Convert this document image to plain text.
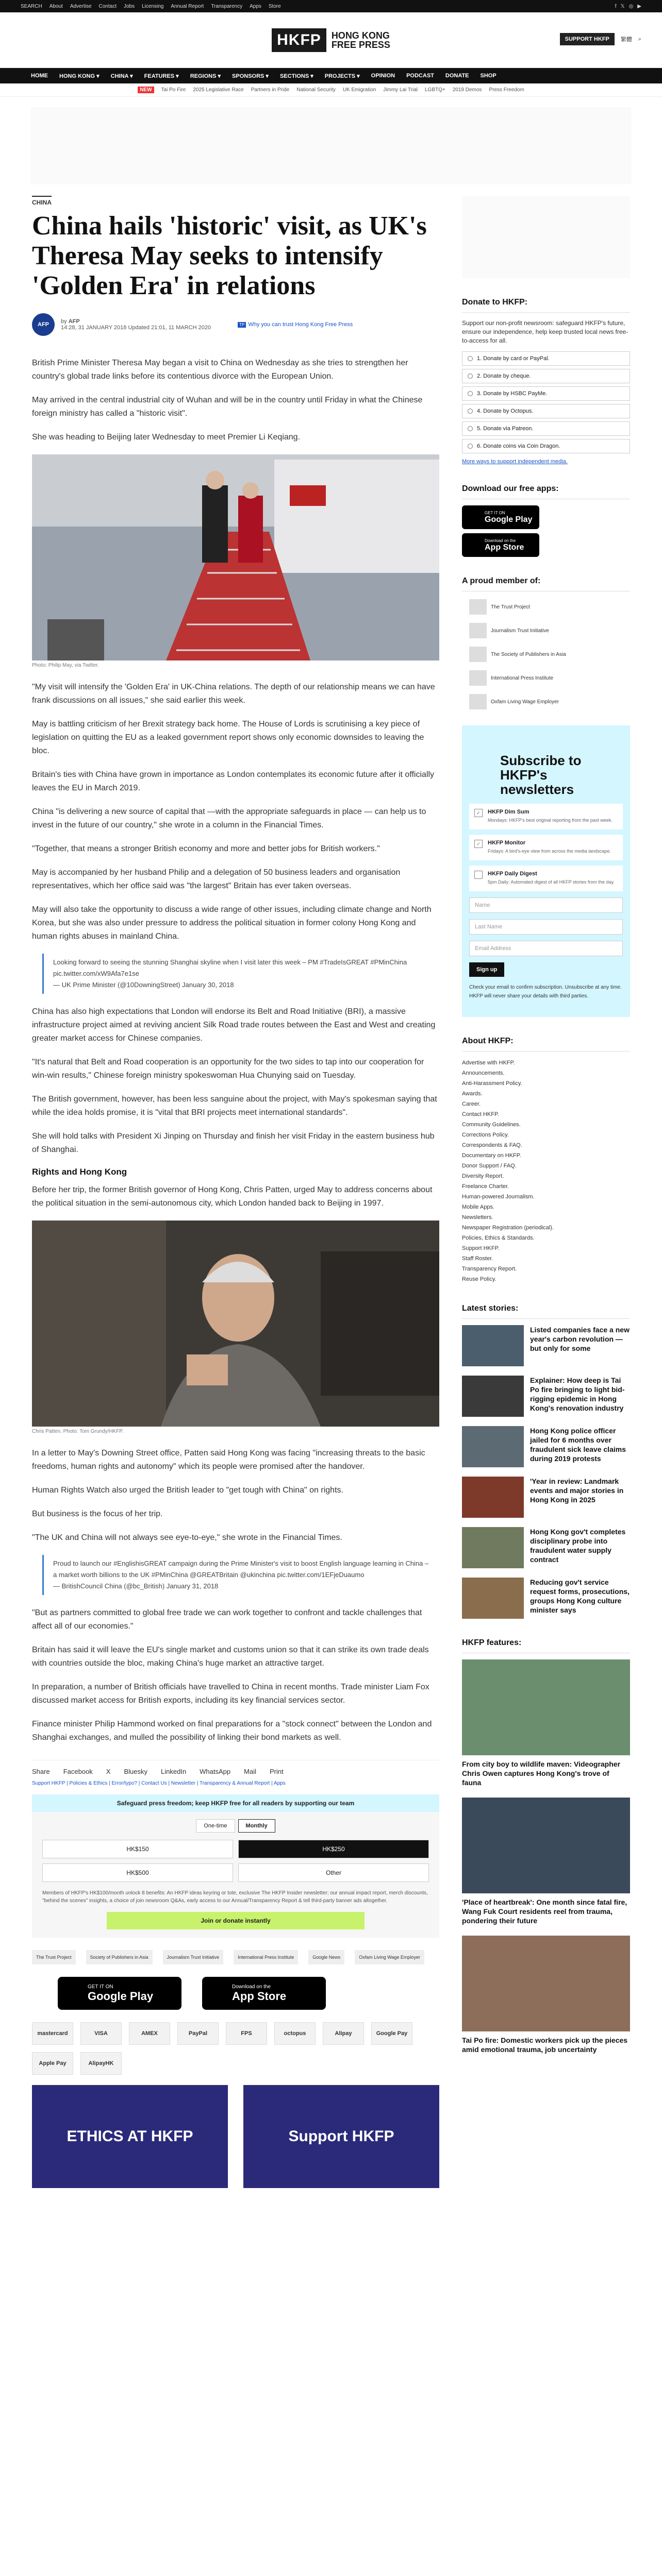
SEARCH About Advertise Contact Jobs Licensing Annual Report Transparency Apps Store	f 𝕏 ◎ ▶
HKFP	HONG KONG
FREE PRESS
SUPPORT HKFP	繁體 ⌕
HOME HONG KONG ▾ CHINA ▾ FEATURES ▾ REGIONS ▾ SPONSORS ▾ SECTIONS ▾ PROJECTS ▾ OPINION PODCAST DONATE SHOP
NEW	Tai Po Fire 2025 Legislative Race Partners in Pride National Security UK Emigration Jimmy Lai Trial LGBTQ+ 2019 Demos Press Freedom
CHINA
China hails 'historic' visit, as UK's Theresa May seeks to intensify 'Golden Era' in relations
AFP	by AFP
14:28, 31 JANUARY 2018 Updated 21:01, 11 MARCH 2020	TP Why you can trust Hong Kong Free Press

British Prime Minister Theresa May began a visit to China on Wednesday as she tries to strengthen her country's global trade links before its contentious divorce with the European Union.

May arrived in the central industrial city of Wuhan and will be in the country until Friday in what the Chinese foreign ministry has called a "historic visit".

She was heading to Beijing later Wednesday to meet Premier Li Keqiang.

Photo: Philip May, via Twitter.

"My visit will intensify the 'Golden Era' in UK-China relations. The depth of our relationship means we can have frank discussions on all issues," she said earlier this week.

May is battling criticism of her Brexit strategy back home. The House of Lords is scrutinising a key piece of legislation on quitting the EU as a leaked government report shows only economic downsides to leaving the bloc.

Britain's ties with China have grown in importance as London contemplates its economic future after it officially leaves the EU in March 2019.

China "is delivering a new source of capital that —with the appropriate safeguards in place — can help us to invest in the future of our country," she wrote in a column in the Financial Times.

"Together, that means a stronger British economy and more and better jobs for British workers."

May is accompanied by her husband Philip and a delegation of 50 business leaders and organisation representatives, which her office said was "the largest" Britain has ever taken overseas.

May will also take the opportunity to discuss a wide range of other issues, including climate change and North Korea, but she was also under pressure to address the political situation in former colony Hong Kong and human rights abuses in mainland China.

Looking forward to seeing the stunning Shanghai skyline when I visit later this week – PM #TradeIsGREAT #PMinChina pic.twitter.com/xW9Afa7e1se
— UK Prime Minister (@10DowningStreet) January 30, 2018

China has also high expectations that London will endorse its Belt and Road Initiative (BRI), a massive infrastructure project aimed at reviving ancient Silk Road trade routes between the East and West and creating greater market access for Chinese companies.

"It's natural that Belt and Road cooperation is an opportunity for the two sides to tap into our cooperation for win-win results," Chinese foreign ministry spokeswoman Hua Chunying said on Tuesday.

The British government, however, has been less sanguine about the project, with May's spokesman saying that while the idea holds promise, it is "vital that BRI projects meet international standards".

She will hold talks with President Xi Jinping on Thursday and finish her visit Friday in the eastern business hub of Shanghai.

Rights and Hong Kong

Before her trip, the former British governor of Hong Kong, Chris Patten, urged May to address concerns about the political situation in the semi-autonomous city, which London handed back to Beijing in 1997.

Chris Patten. Photo: Tom Grundy/HKFP.

In a letter to May's Downing Street office, Patten said Hong Kong was facing "increasing threats to the basic freedoms, human rights and autonomy" which its people were promised after the handover.

Human Rights Watch also urged the British leader to "get tough with China" on rights.

But business is the focus of her trip.

"The UK and China will not always see eye-to-eye," she wrote in the Financial Times.

Proud to launch our #EnglishisGREAT campaign during the Prime Minister's visit to boost English language learning in China – a market worth billions to the UK #PMinChina @GREATBritain @ukinchina pic.twitter.com/1EFjeDuaumo
— BritishCouncil China (@bc_British) January 31, 2018

"But as partners committed to global free trade we can work together to confront and tackle challenges that affect all of our economies."

Britain has said it will leave the EU's single market and customs union so that it can strike its own trade deals with countries outside the bloc, making China's huge market an attractive target.

In preparation, a number of British officials have travelled to China in recent months. Trade minister Liam Fox discussed market access for British exports, including its key financial services sector.

Finance minister Philip Hammond worked on final preparations for a "stock connect" between the London and Shanghai exchanges, and mulled the possibility of linking their bond markets as well.

Share Facebook X Bluesky LinkedIn WhatsApp Mail Print
Support HKFP | Policies & Ethics | Error/typo? | Contact Us | Newsletter | Transparency & Annual Report | Apps
Safeguard press freedom; keep HKFP free for all readers by supporting our team
One-time	Monthly
HK$150	HK$250
HK$500	Other
Members of HKFP's HK$100/month unlock 8 benefits: An HKFP ideas keyring or tote, exclusive The HKFP Insider newsletter; our annual impact report, merch discounts, "behind the scenes" insights, a choice of join newsroom Q&As, early access to our Annual/Transparency Report & tell third-party banner ads altogether.
Join or donate instantly
The Trust Project	Society of Publishers in Asia	Journalism Trust Initiative	International Press Institute	Google News	Oxfam Living Wage Employer
GET IT ON
Google Play
Download on the
App Store
mastercard	VISA	AMEX	PayPal	FPS	octopus	Alipay	Google Pay
Apple Pay	AlipayHK
ETHICS AT HKFP	Support HKFP
Donate to HKFP:
Support our non-profit newsroom: safeguard HKFP's future, ensure our independence, help keep trusted local news free-to-access for all.
1. Donate by card or PayPal.
2. Donate by cheque.
3. Donate by HSBC PayMe.
4. Donate by Octopus.
5. Donate via Patreon.
6. Donate coins via Coin Dragon.
More ways to support independent media.
Download our free apps:
GET IT ON
Google Play
Download on the
App Store
A proud member of:
The Trust Project
Journalism Trust Initiative
The Society of Publishers in Asia
International Press Institute
Oxfam Living Wage Employer
Subscribe to HKFP's newsletters
✓	HKFP Dim Sum
Mondays: HKFP's best original reporting from the past week.
✓	HKFP Monitor
Fridays: A bird's-eye view from across the media landscape.
HKFP Daily Digest
5pm Daily: Automated digest of all HKFP stories from the day.
Name
Last Name
Email Address
Sign up
Check your email to confirm subscription. Unsubscribe at any time. HKFP will never share your details with third parties.
About HKFP:
Advertise with HKFP.
Announcements.
Anti-Harassment Policy.
Awards.
Career.
Contact HKFP.
Community Guidelines.
Corrections Policy.
Correspondents & FAQ.
Documentary on HKFP.
Donor Support / FAQ.
Diversity Report.
Freelance Charter.
Human-powered Journalism.
Mobile Apps.
Newsletters.
Newspaper Registration (periodical).
Policies, Ethics & Standards.
Support HKFP.
Staff Roster.
Transparency Report.
Reuse Policy.
Latest stories:
Listed companies face a new year's carbon revolution — but only for some
Explainer: How deep is Tai Po fire bringing to light bid-rigging epidemic in Hong Kong's renovation industry
Hong Kong police officer jailed for 6 months over fraudulent sick leave claims during 2019 protests
'Year in review: Landmark events and major stories in Hong Kong in 2025
Hong Kong gov't completes disciplinary probe into fraudulent water supply contract
Reducing gov't service request forms, prosecutions, groups Hong Kong culture minister says
HKFP features:
From city boy to wildlife maven: Videographer Chris Owen captures Hong Kong's trove of fauna
'Place of heartbreak': One month since fatal fire, Wang Fuk Court residents reel from trauma, pondering their future
Tai Po fire: Domestic workers pick up the pieces amid emotional trauma, job uncertainty
